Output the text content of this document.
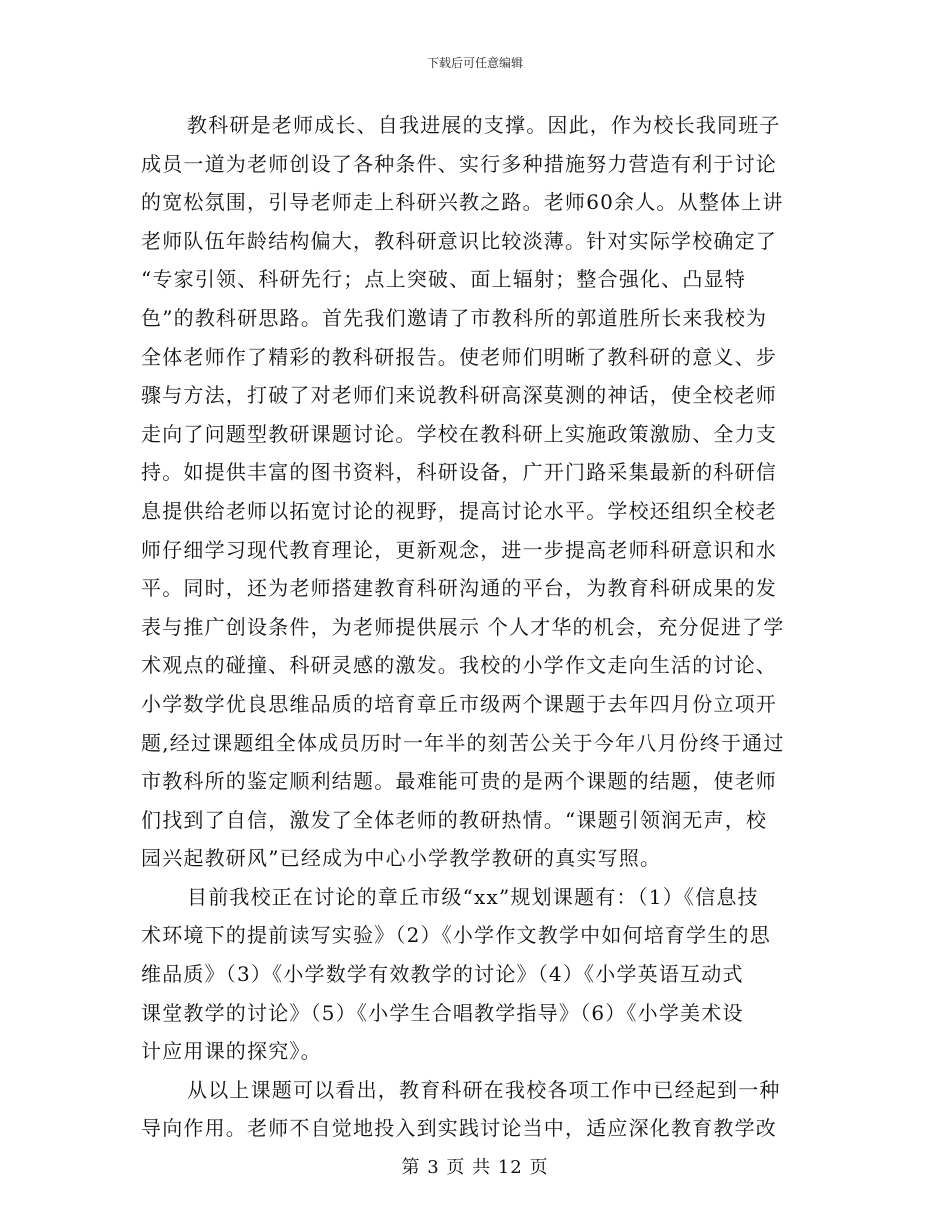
下载后可任意编辑
教科研是老师成长、自我进展的支撑。因此，作为校长我同班子
成员一道为老师创设了各种条件、实行多种措施努力营造有利于讨论
的宽松氛围，引导老师走上科研兴教之路。老师60余人。从整体上讲
老师队伍年龄结构偏大，教科研意识比较淡薄。针对实际学校确定了
“专家引领、科研先行；点上突破、面上辐射；整合强化、凸显特
色”的教科研思路。首先我们邀请了市教科所的郭道胜所长来我校为
全体老师作了精彩的教科研报告。使老师们明晰了教科研的意义、步
骤与方法，打破了对老师们来说教科研高深莫测的神话，使全校老师
走向了问题型教研课题讨论。学校在教科研上实施政策激励、全力支
持。如提供丰富的图书资料，科研设备，广开门路采集最新的科研信
息提供给老师以拓宽讨论的视野，提高讨论水平。学校还组织全校老
师仔细学习现代教育理论，更新观念，进一步提高老师科研意识和水
平。同时，还为老师搭建教育科研沟通的平台，为教育科研成果的发
表与推广创设条件，为老师提供展示 个人才华的机会，充分促进了学
术观点的碰撞、科研灵感的激发。我校的小学作文走向生活的讨论、
小学数学优良思维品质的培育章丘市级两个课题于去年四月份立项开
题,经过课题组全体成员历时一年半的刻苦公关于今年八月份终于通过
市教科所的鉴定顺利结题。最难能可贵的是两个课题的结题，使老师
们找到了自信，激发了全体老师的教研热情。“课题引领润无声，校
园兴起教研风”已经成为中心小学教学教研的真实写照。
目前我校正在讨论的章丘市级“xx”规划课题有：（1）《信息技
术环境下的提前读写实验》（2）《小学作文教学中如何培育学生的思
维品质》（3）《小学数学有效教学的讨论》（4）《小学英语互动式
课堂教学的讨论》（5）《小学生合唱教学指导》（6）《小学美术设
计应用课的探究》。
从以上课题可以看出，教育科研在我校各项工作中已经起到一种
导向作用。老师不自觉地投入到实践讨论当中，适应深化教育教学改
第 3 页 共 12 页
